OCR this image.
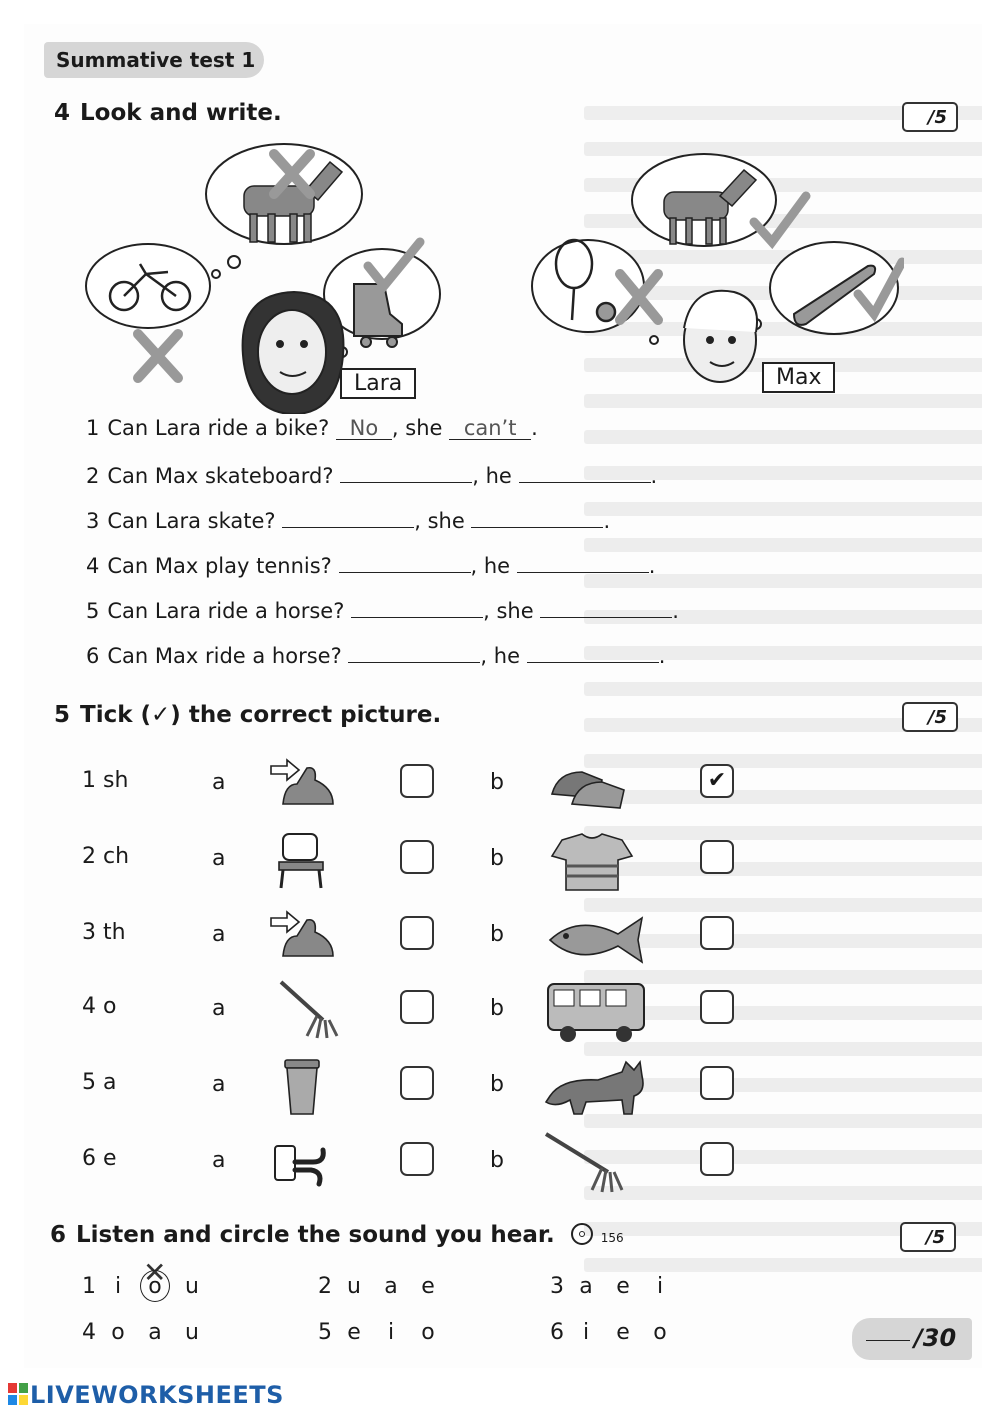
Summative test 1
4 Look and write.	/5
Lara	Max
1 Can Lara ride a bike? No , she can’t .
2 Can Max skateboard?	, he	.
3 Can Lara skate?	, she	.
4 Can Max play tennis?	, he	.
5 Can Lara ride a horse?	, she	.
6 Can Max ride a horse?	, he	.
5 Tick (✓) the correct picture.	/5
1 sh	a	b	✔
2 ch	a	b
3 th	a	b
4 o	a	b
5 a	a	b
6 e	a	b
6 Listen and circle the sound you hear.	156	/5
1 i ✕ o u	2 u a e	3 a e i
4 o a u	5 e i o	6 i e o	/30
LIVEWORKSHEETS
